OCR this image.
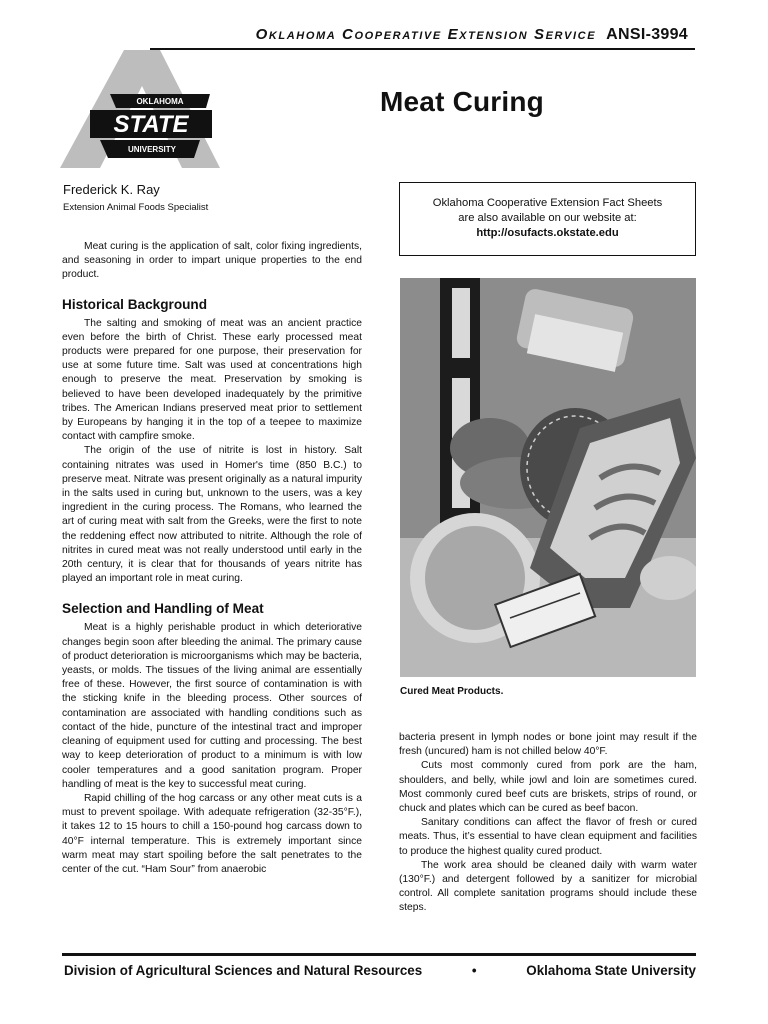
Oklahoma Cooperative Extension Service ANSI-3994
OKLAHOMA
STATE
UNIVERSITY
Meat Curing
Frederick K. Ray
Extension Animal Foods Specialist	Oklahoma Cooperative Extension Fact Sheets
are also available on our website at:
http://osufacts.okstate.edu

Meat curing is the application of salt, color fixing ingredients, and seasoning in order to impart unique properties to the end product.

Historical Background

The salting and smoking of meat was an ancient practice even before the birth of Christ. These early processed meat products were prepared for one purpose, their preservation for use at some future time. Salt was used at concentrations high enough to preserve the meat. Preservation by smoking is believed to have been developed inadequately by the primitive tribes. The American Indians preserved meat prior to settlement by Europeans by hanging it in the top of a teepee to maximize contact with campfire smoke.

The origin of the use of nitrite is lost in history. Salt containing nitrates was used in Homer's time (850 B.C.) to preserve meat. Nitrate was present originally as a natural impurity in the salts used in curing but, unknown to the users, was a key ingredient in the curing process. The Romans, who learned the art of curing meat with salt from the Greeks, were the first to note the reddening effect now attributed to nitrite. Although the role of nitrites in cured meat was not really understood until early in the 20th century, it is clear that for thousands of years nitrite has played an important role in meat curing.

Selection and Handling of Meat

Meat is a highly perishable product in which deteriorative changes begin soon after bleeding the animal. The primary cause of product deterioration is microorganisms which may be bacteria, yeasts, or molds. The tissues of the living animal are essentially free of these. However, the first source of contamination is with the sticking knife in the bleeding process. Other sources of contamination are associated with handling conditions such as contact of the hide, puncture of the intestinal tract and improper cleaning of equipment used for cutting and processing. The best way to keep deterioration of product to a minimum is with low cooler temperatures and a good sanitation program. Proper handling of meat is the key to successful meat curing.

Rapid chilling of the hog carcass or any other meat cuts is a must to prevent spoilage. With adequate refrigeration (32-35°F.), it takes 12 to 15 hours to chill a 150-pound hog carcass down to 40°F internal temperature. This is extremely important since warm meat may start spoiling before the salt penetrates to the center of the cut. “Ham Sour” from anaerobic

Cured Meat Products.

bacteria present in lymph nodes or bone joint may result if the fresh (uncured) ham is not chilled below 40°F.

Cuts most commonly cured from pork are the ham, shoulders, and belly, while jowl and loin are sometimes cured. Most commonly cured beef cuts are briskets, strips of round, or chuck and plates which can be cured as beef bacon.

Sanitary conditions can affect the flavor of fresh or cured meats. Thus, it’s essential to have clean equipment and facilities to produce the highest quality cured product.

The work area should be cleaned daily with warm water (130°F.) and detergent followed by a sanitizer for microbial control. All complete sanitation programs should include these steps.

Division of Agricultural Sciences and Natural Resources	•	Oklahoma State University
